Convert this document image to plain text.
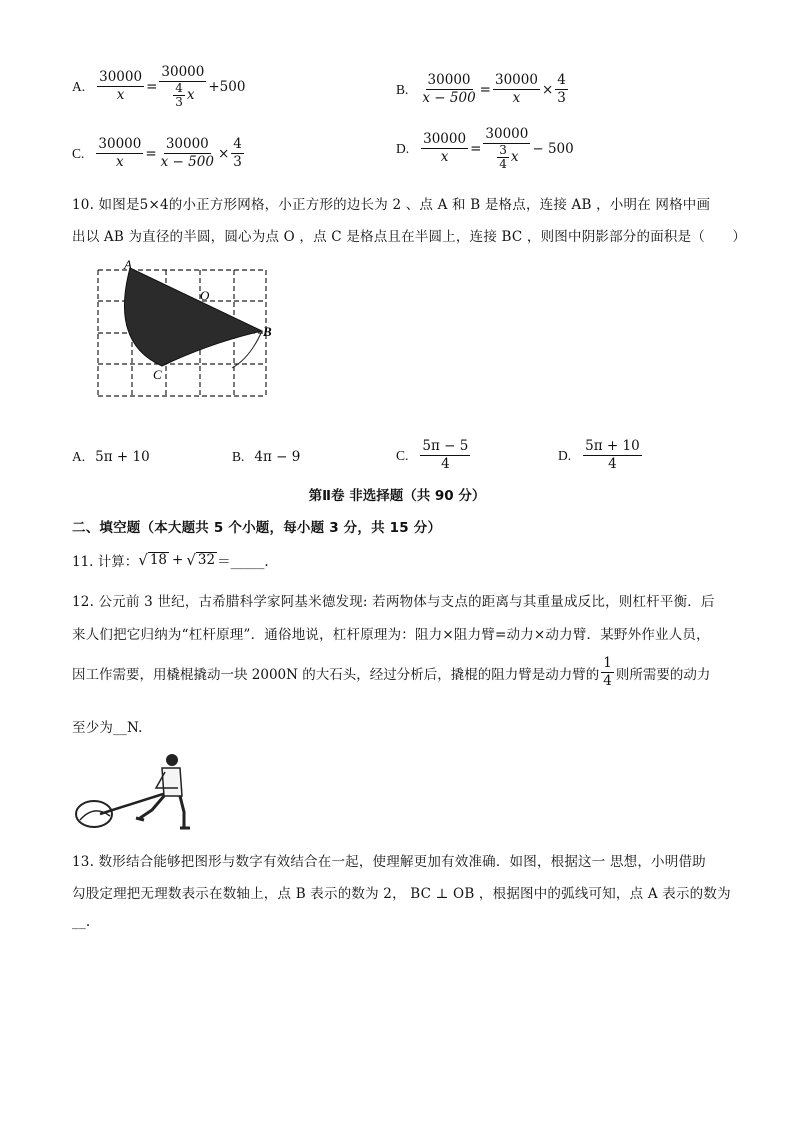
A. $\frac{30000}{x} = \frac{30000}{\frac{4}{3} x} +500$	B. $\frac{30000}{x - 500} = \frac{30000}{x} \times \frac{4}{3}$
C. $\frac{30000}{x} = \frac{30000}{x - 500} \times \frac{4}{3}$	D. $\frac{30000}{x} = \frac{30000}{\frac{3}{4} x} - 500$
10. 如图是5×4的小正方形网格，小正方形的边长为 2 、点 A 和 B 是格点，连接 AB ，小明在 网格中画
出以 AB 为直径的半圆，圆心为点 O ，点 C 是格点且在半圆上，连接 BC ，则图中阴影部分的面积是（　　）
A
O
B
C
A. 5π + 10	B. 4π − 9	C. $\frac{5\pi - 5}{4}$	D. $\frac{5\pi + 10}{4}$
第Ⅱ卷 非选择题（共 90 分）
二、填空题（本大题共 5 个小题，每小题 3 分，共 15 分）
11. 计算： √ 18 + √ 32 ＝_____.
12. 公元前 3 世纪，古希腊科学家阿基米德发现: 若两物体与支点的距离与其重量成反比，则杠杆平衡．后
来人们把它归纳为“杠杆原理”．通俗地说，杠杆原理为：阻力×阻力臂=动力×动力臂．某野外作业人员，
因工作需要，用橇棍撬动一块 2000N 的大石头，经过分析后，撬棍的阻力臂是动力臂的 $\frac{1}{4}$ 则所需要的动力
至少为__N.
13. 数形结合能够把图形与数字有效结合在一起，使理解更加有效准确．如图，根据这一 思想，小明借助
勾股定理把无理数表示在数轴上，点 B 表示的数为 2， BC ⊥ OB ，根据图中的弧线可知，点 A 表示的数为
__.
